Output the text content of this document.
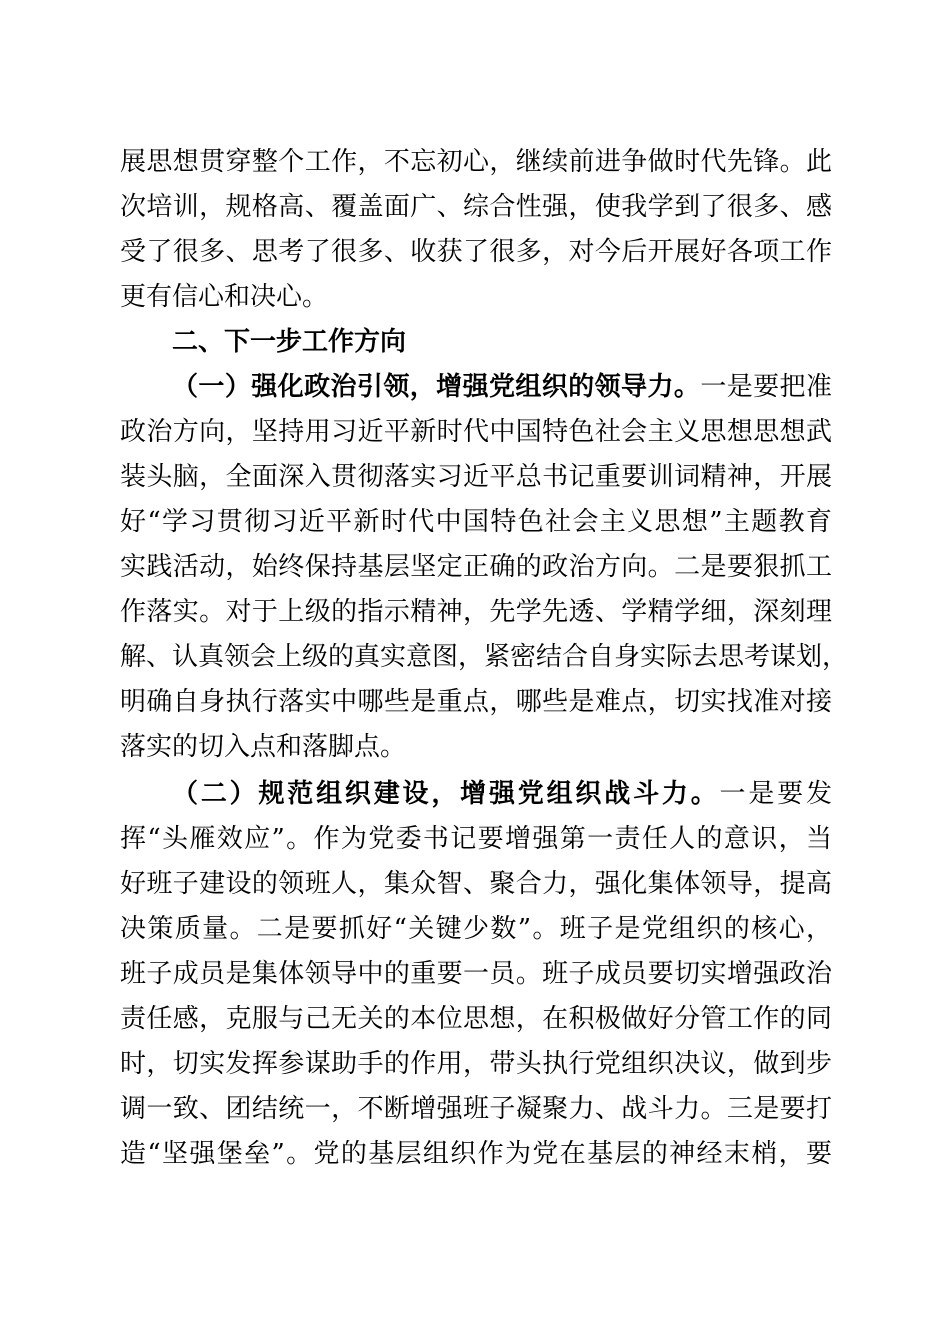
展思想贯穿整个工作，不忘初心，继续前进争做时代先锋。此
次培训，规格高、覆盖面广、综合性强，使我学到了很多、感
受了很多、思考了很多、收获了很多，对今后开展好各项工作
更有信心和决心。
二、下一步工作方向
（一）强化政治引领，增强党组织的领导力。一是要把准
政治方向，坚持用习近平新时代中国特色社会主义思想思想武
装头脑，全面深入贯彻落实习近平总书记重要训词精神，开展
好“学习贯彻习近平新时代中国特色社会主义思想”主题教育
实践活动，始终保持基层坚定正确的政治方向。二是要狠抓工
作落实。对于上级的指示精神，先学先透、学精学细，深刻理
解、认真领会上级的真实意图，紧密结合自身实际去思考谋划，
明确自身执行落实中哪些是重点，哪些是难点，切实找准对接
落实的切入点和落脚点。
（二）规范组织建设，增强党组织战斗力。一是要发
挥“头雁效应”。作为党委书记要增强第一责任人的意识，当
好班子建设的领班人，集众智、聚合力，强化集体领导，提高
决策质量。二是要抓好“关键少数”。班子是党组织的核心，
班子成员是集体领导中的重要一员。班子成员要切实增强政治
责任感，克服与己无关的本位思想，在积极做好分管工作的同
时，切实发挥参谋助手的作用，带头执行党组织决议，做到步
调一致、团结统一，不断增强班子凝聚力、战斗力。三是要打
造“坚强堡垒”。党的基层组织作为党在基层的神经末梢，要
